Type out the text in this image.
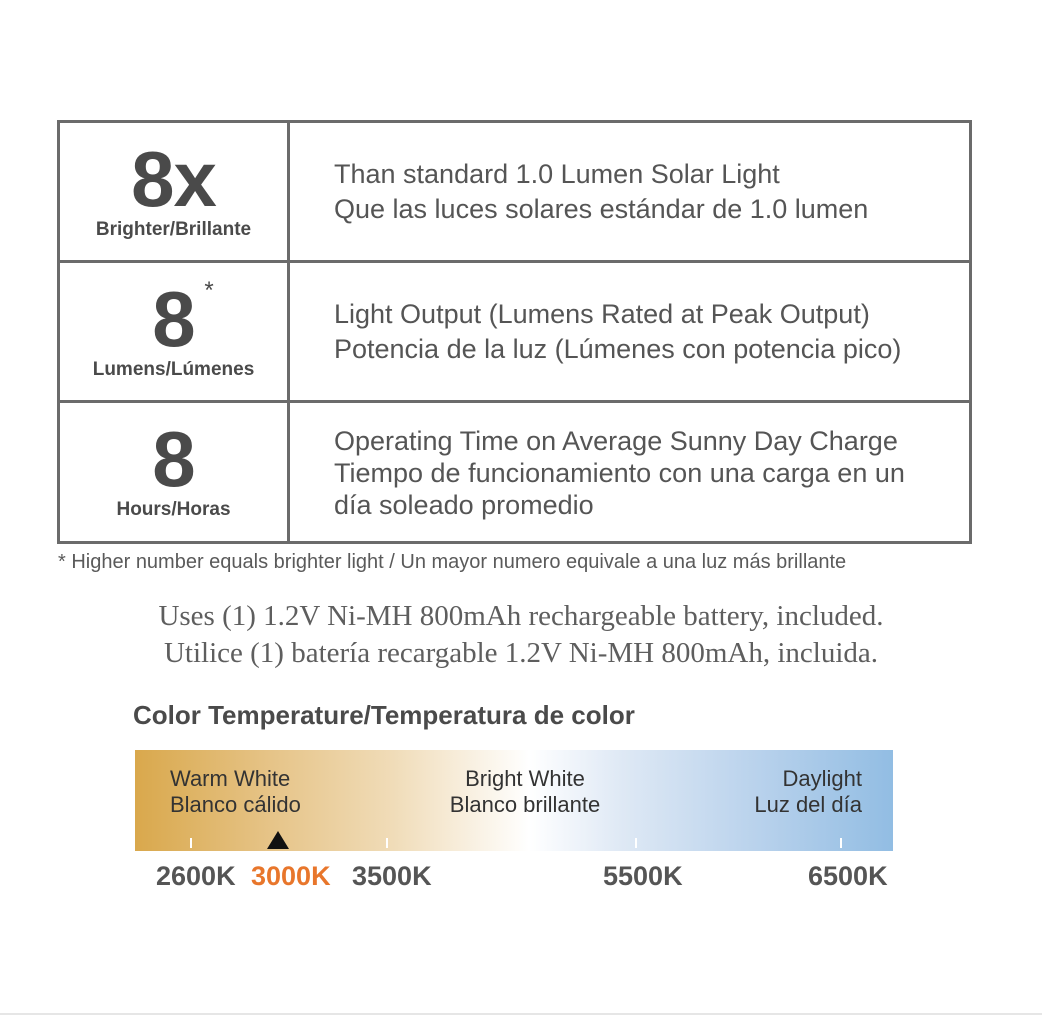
8x
Brighter/Brillante
Than standard 1.0 Lumen Solar Light
Que las luces solares estándar de 1.0 lumen
8 *
Lumens/Lúmenes
Light Output (Lumens Rated at Peak Output)
Potencia de la luz (Lúmenes con potencia pico)
8
Hours/Horas
Operating Time on Average Sunny Day Charge
Tiempo de funcionamiento con una carga en un
día soleado promedio
* Higher number equals brighter light / Un mayor numero equivale a una luz más brillante
Uses (1) 1.2V Ni-MH 800mAh rechargeable battery, included.
Utilice (1) batería recargable 1.2V Ni-MH 800mAh, incluida.
Color Temperature/Temperatura de color
Warm White
Blanco cálido
Bright White
Blanco brillante
Daylight
Luz del día
2600K 3000K 3500K	5500K	6500K
